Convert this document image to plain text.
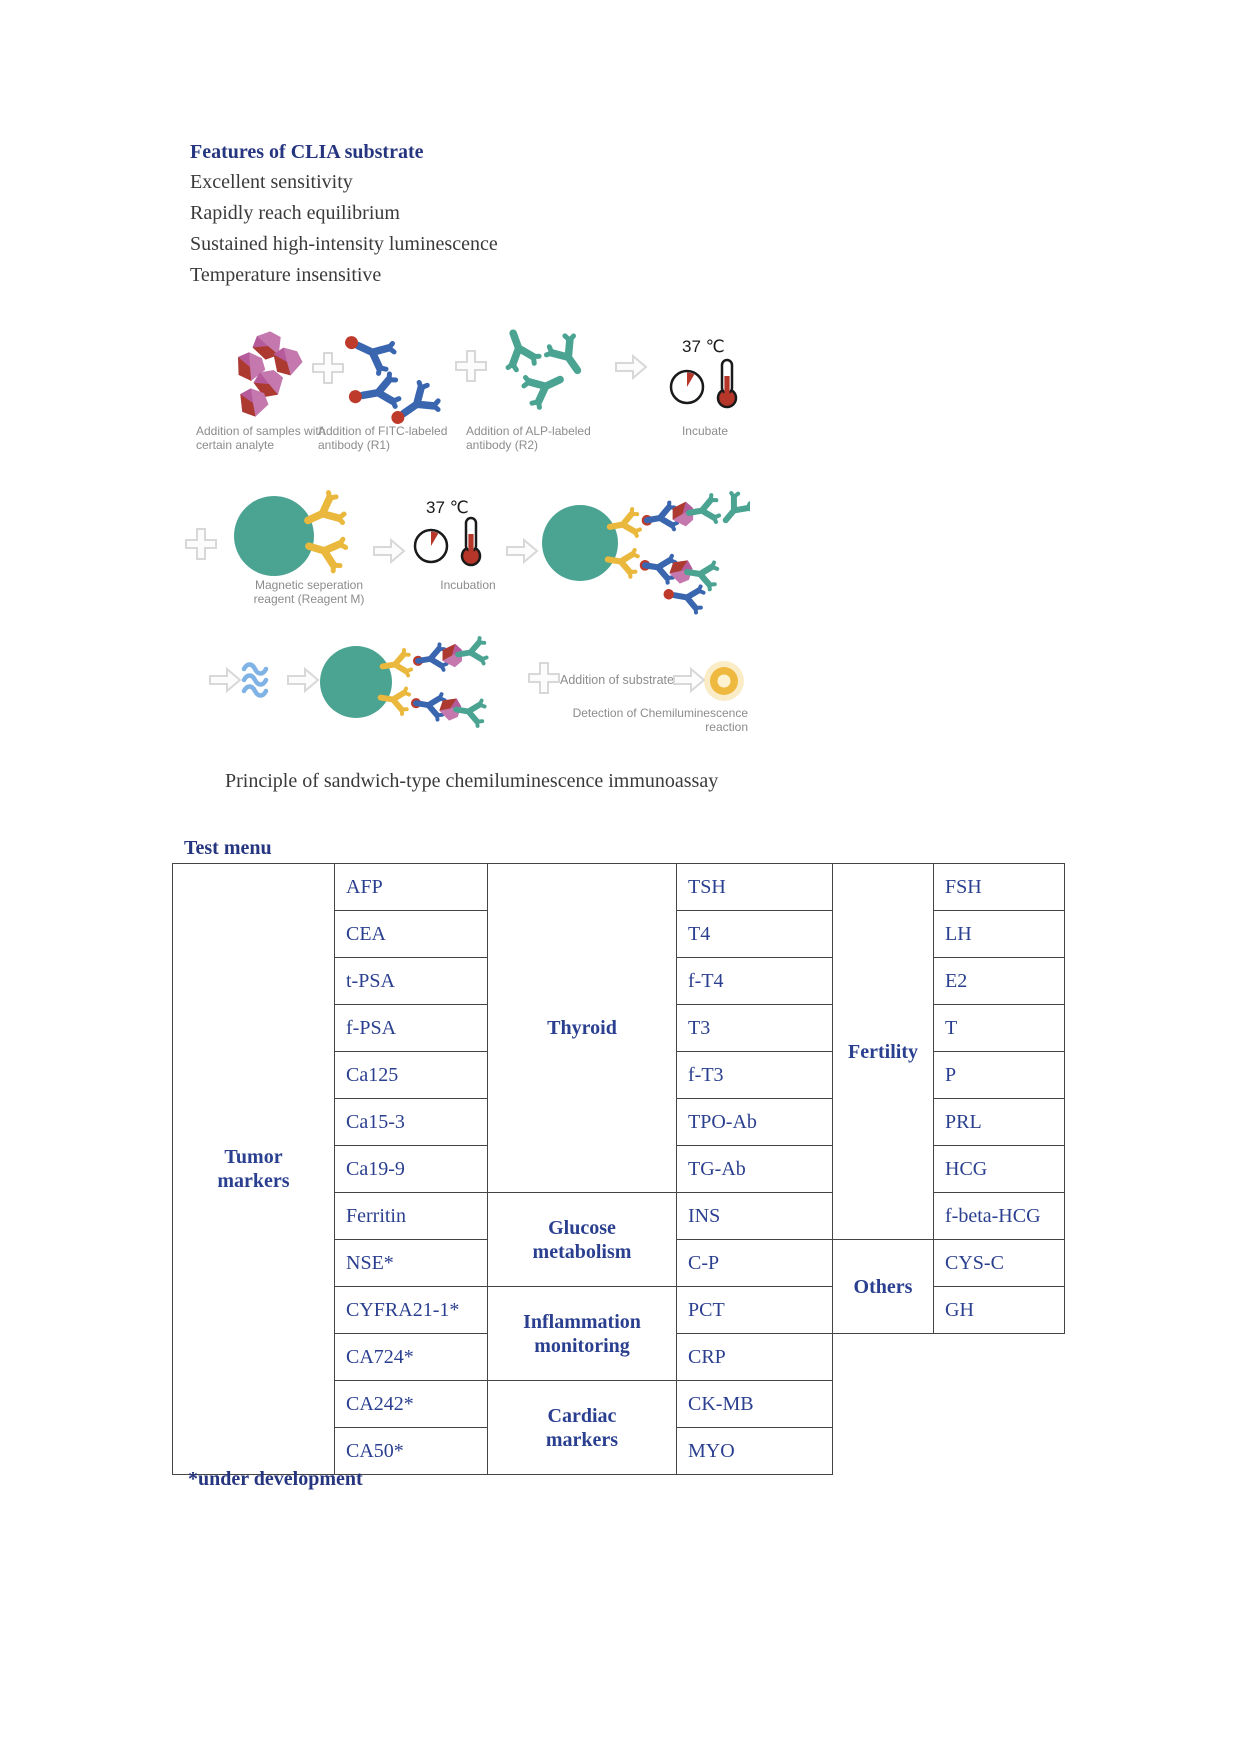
Features of CLIA substrate
Excellent sensitivity
Rapidly reach equilibrium
Sustained high-intensity luminescence
Temperature insensitive
37 ℃
Addition of samples with certain analyte
Addition of FITC-labeled antibody (R1)
Addition of ALP-labeled antibody (R2)
Incubate
37 ℃
Magnetic seperation reagent (Reagent M)
Incubation
Addition of substrate
Detection of Chemiluminescence reaction
Principle of sandwich-type chemiluminescence immunoassay
Test menu
Tumor markers	AFP	Thyroid	TSH	Fertility	FSH
	CEA		T4		LH
	t-PSA		f-T4		E2
	f-PSA		T3		T
	Ca125		f-T3		P
	Ca15-3		TPO-Ab		PRL
	Ca19-9		TG-Ab		HCG
	Ferritin	Glucose metabolism	INS		f-beta-HCG
	NSE*		C-P	Others	CYS-C
	CYFRA21-1*	Inflammation monitoring	PCT		GH
	CA724*		CRP		
	CA242*	Cardiac markers	CK-MB		
	CA50*		MYO		
*under development
